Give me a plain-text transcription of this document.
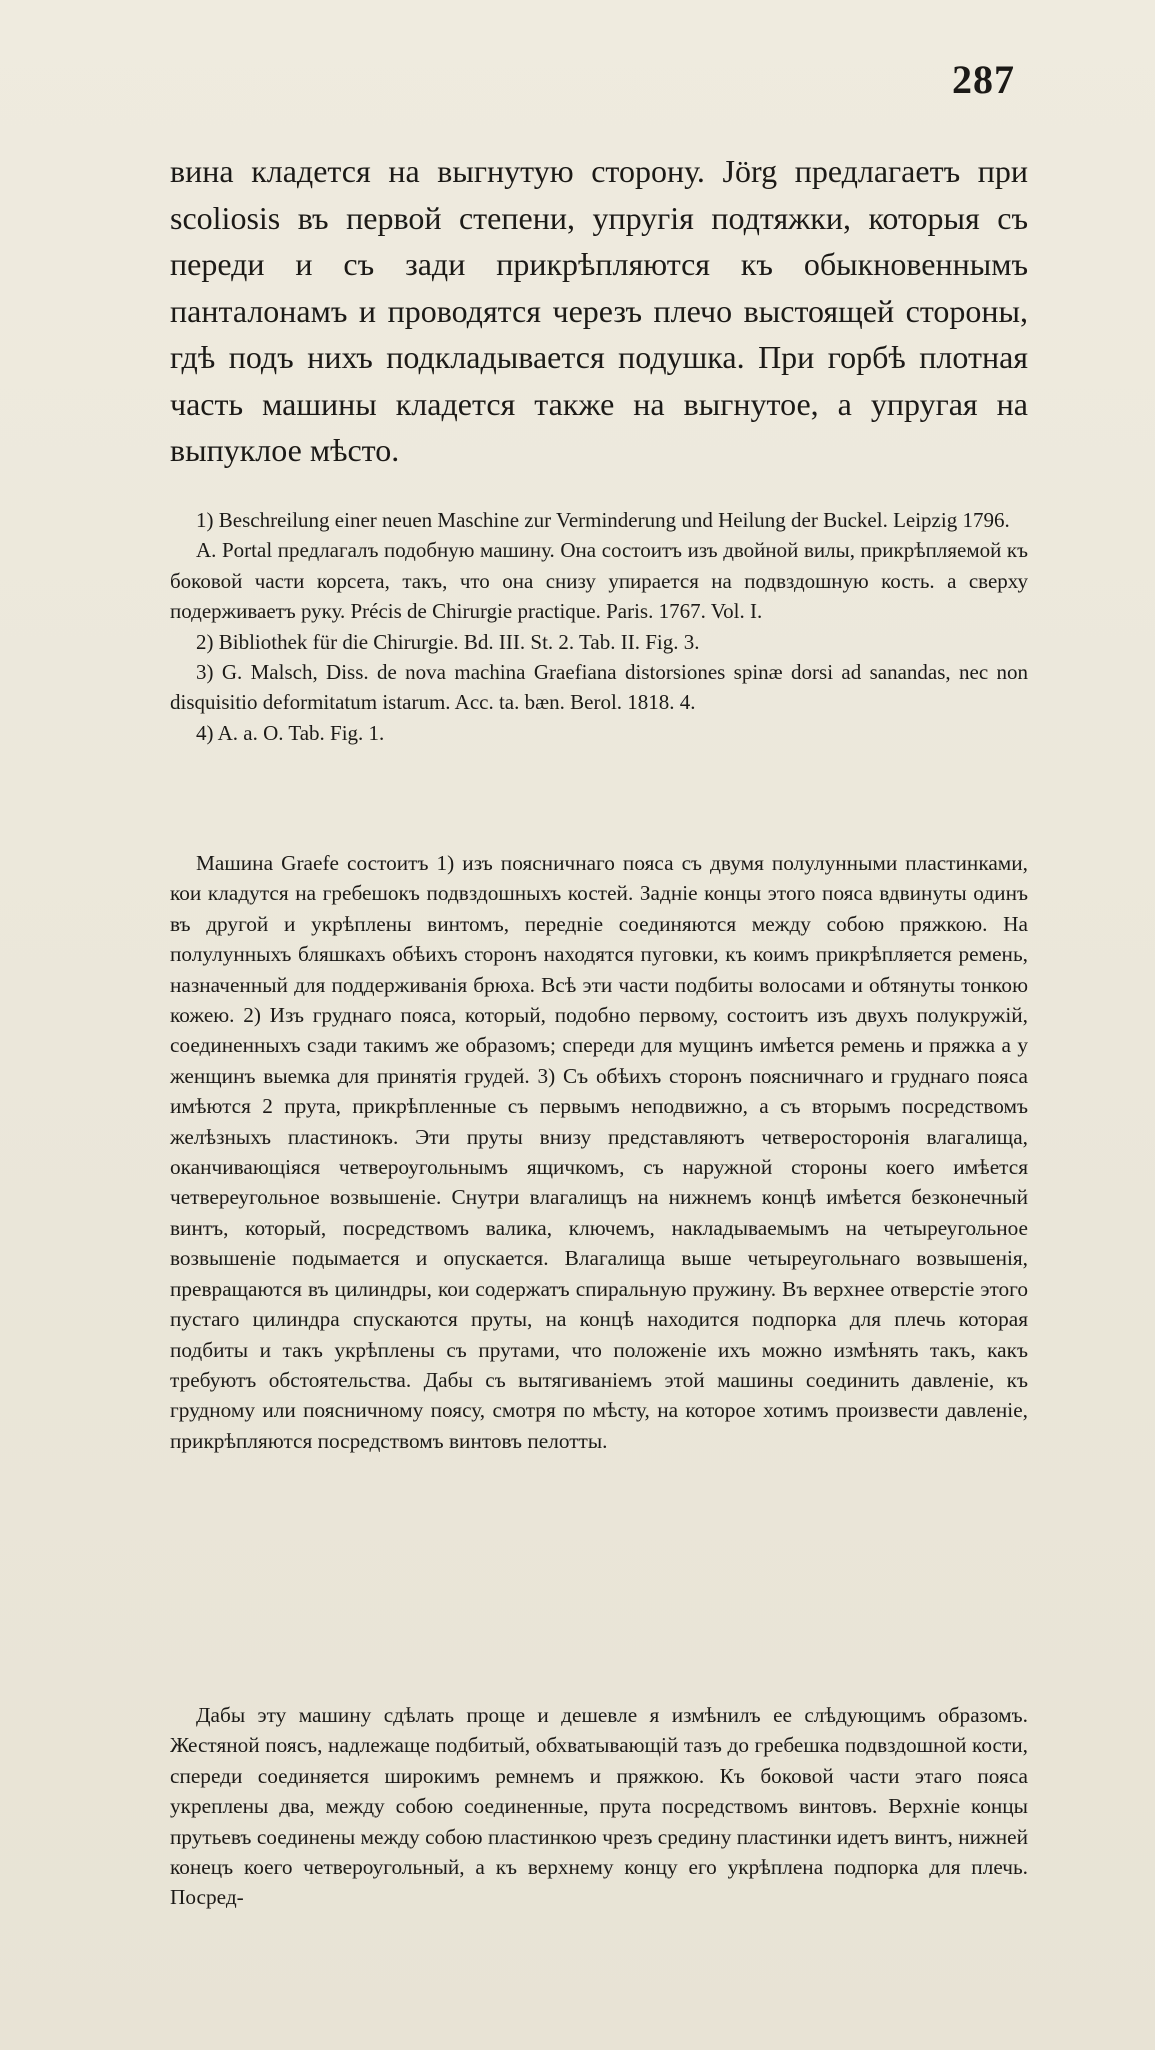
287

вина кладется на выгнутую сторону. Jörg предлагаетъ при scoliosis въ первой степени, упругія подтяжки, которыя съ переди и съ зади прикрѣпляются къ обыкновеннымъ панталонамъ и проводятся черезъ плечо выстоящей стороны, гдѣ подъ нихъ подкладывается подушка. При горбѣ плотная часть машины кладется также на выгнутое, а упругая на выпуклое мѣсто.

1) Beschreilung einer neuen Maschine zur Verminderung und Heilung der Buckel. Leipzig 1796.

A. Portal предлагалъ подобную машину. Она состоитъ изъ двойной вилы, прикрѣпляемой къ боковой части корсета, такъ, что она снизу упирается на подвздошную кость. а сверху подерживаетъ руку. Précis de Chirurgie practique. Paris. 1767. Vol. I.

2) Bibliothek für die Chirurgie. Bd. III. St. 2. Tab. II. Fig. 3.

3) G. Malsch, Diss. de nova machina Graefiana distorsiones spinæ dorsi ad sanandas, nec non disquisitio deformitatum istarum. Acc. ta. bæn. Berol. 1818. 4.

4) A. a. O. Tab. Fig. 1.

Машина Graefe состоитъ 1) изъ поясничнаго пояса съ двумя полулунными пластинками, кои кладутся на гребешокъ подвздошныхъ костей. Задніе концы этого пояса вдвинуты одинъ въ другой и укрѣплены винтомъ, передніе соединяются между собою пряжкою. На полулунныхъ бляшкахъ обѣихъ сторонъ находятся пуговки, къ коимъ прикрѣпляется ремень, назначенный для поддерживанія брюха. Всѣ эти части подбиты волосами и обтянуты тонкою кожею. 2) Изъ груднаго пояса, который, подобно первому, состоитъ изъ двухъ полукружій, соединенныхъ сзади такимъ же образомъ; спереди для мущинъ имѣется ремень и пряжка а у женщинъ выемка для принятія грудей. 3) Съ обѣихъ сторонъ поясничнаго и груднаго пояса имѣются 2 прута, прикрѣпленные съ первымъ неподвижно, а съ вторымъ посредствомъ желѣзныхъ пластинокъ. Эти пруты внизу представляютъ четверосторонія влагалища, оканчивающіяся четвероугольнымъ ящичкомъ, съ наружной стороны коего имѣется четвереугольное возвышеніе. Снутри влагалищъ на нижнемъ концѣ имѣется безконечный винтъ, который, посредствомъ валика, ключемъ, накладываемымъ на четыреугольное возвышеніе подымается и опускается. Влагалища выше четыреугольнаго возвышенія, превращаются въ цилиндры, кои содержатъ спиральную пружину. Въ верхнее отверстіе этого пустаго цилиндра спускаются пруты, на концѣ находится подпорка для плечь которая подбиты и такъ укрѣплены съ прутами, что положеніе ихъ можно измѣнять такъ, какъ требуютъ обстоятельства. Дабы съ вытягиваніемъ этой машины соединить давленіе, къ грудному или поясничному поясу, смотря по мѣсту, на которое хотимъ произвести давленіе, прикрѣпляются посредствомъ винтовъ пелотты.

Дабы эту машину сдѣлать проще и дешевле я измѣнилъ ее слѣдующимъ образомъ. Жестяной поясъ, надлежаще подбитый, обхватывающій тазъ до гребешка подвздошной кости, спереди соединяется широкимъ ремнемъ и пряжкою. Къ боковой части этаго пояса укреплены два, между собою соединенные, прута посредствомъ винтовъ. Верхніе концы прутьевъ соединены между собою пластинкою чрезъ средину пластинки идетъ винтъ, нижней конецъ коего четвероугольный, а къ верхнему концу его укрѣплена подпорка для плечь. Посред-
